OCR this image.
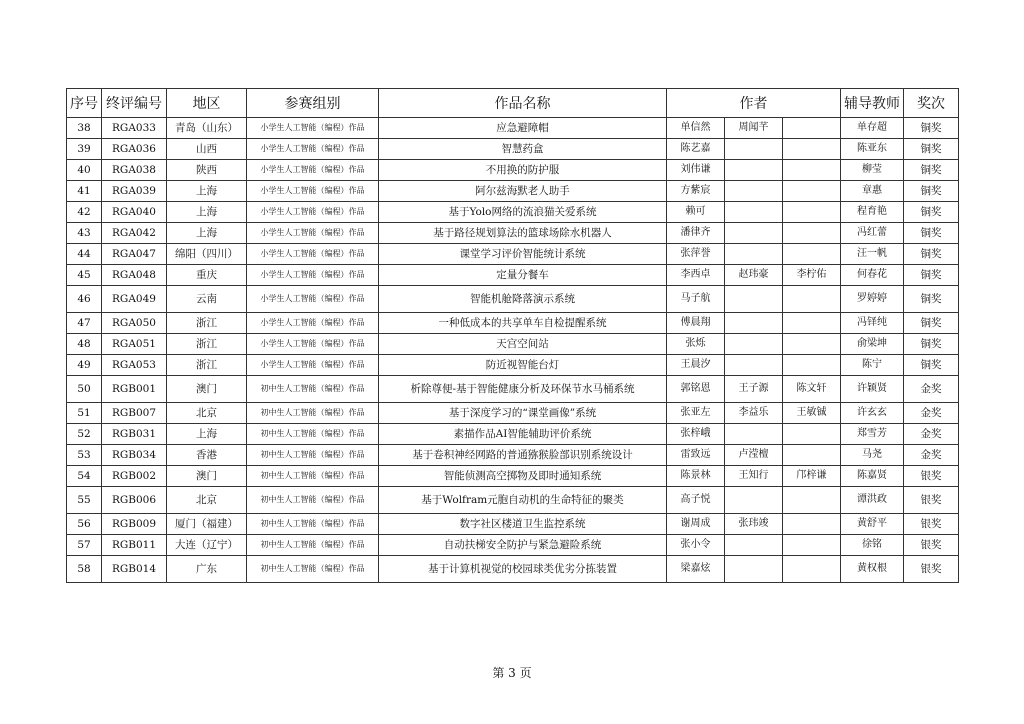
序号	终评编号	地区	参赛组别	作品名称	作者			辅导教师	奖次
38	RGA033	青岛（山东）	小学生人工智能（编程）作品	应急避障帽	单信然	周闻芊		单存超	铜奖
39	RGA036	山西	小学生人工智能（编程）作品	智慧药盒	陈艺嘉			陈亚东	铜奖
40	RGA038	陕西	小学生人工智能（编程）作品	不用换的防护服	刘伟谦			柳莹	铜奖
41	RGA039	上海	小学生人工智能（编程）作品	阿尔兹海默老人助手	方紫宸			章惠	铜奖
42	RGA040	上海	小学生人工智能（编程）作品	基于Yolo网络的流浪猫关爱系统	赖可			程育艳	铜奖
43	RGA042	上海	小学生人工智能（编程）作品	基于路径规划算法的篮球场除水机器人	潘律齐			冯红蕾	铜奖
44	RGA047	绵阳（四川）	小学生人工智能（编程）作品	课堂学习评价智能统计系统	张萍誉			汪一帆	铜奖
45	RGA048	重庆	小学生人工智能（编程）作品	定量分餐车	李西卓	赵玮豪	李柠佑	何春花	铜奖
46	RGA049	云南	小学生人工智能（编程）作品	智能机舱降落演示系统	马子航			罗婷婷	铜奖
47	RGA050	浙江	小学生人工智能（编程）作品	一种低成本的共享单车自检提醒系统	傅晨翔			冯铎纯	铜奖
48	RGA051	浙江	小学生人工智能（编程）作品	天宫空间站	张烁			俞梁坤	铜奖
49	RGA053	浙江	小学生人工智能（编程）作品	防近视智能台灯	王晨汐			陈宁	铜奖
50	RGB001	澳门	初中生人工智能（编程）作品	析除尊便-基于智能健康分析及环保节水马桶系统	郭铭恩	王子源	陈文轩	许颖贤	金奖
51	RGB007	北京	初中生人工智能（编程）作品	基于深度学习的“课堂画像”系统	张亚左	李益乐	王敏铖	许玄玄	金奖
52	RGB031	上海	初中生人工智能（编程）作品	素描作品AI智能辅助评价系统	张梓峨			郑雪芳	金奖
53	RGB034	香港	初中生人工智能（编程）作品	基于卷积神经网路的普通猕猴脸部识别系统设计	雷致远	卢滢檀		马尧	金奖
54	RGB002	澳门	初中生人工智能（编程）作品	智能侦测高空掷物及即时通知系统	陈景林	王知行	邝梓谦	陈嘉贤	银奖
55	RGB006	北京	初中生人工智能（编程）作品	基于Wolfram元胞自动机的生命特征的聚类	高子悦			谭洪政	银奖
56	RGB009	厦门（福建）	初中生人工智能（编程）作品	数字社区楼道卫生监控系统	谢周成	张玮竣		黄舒平	银奖
57	RGB011	大连（辽宁）	初中生人工智能（编程）作品	自动扶梯安全防护与紧急避险系统	张小令			徐铭	银奖
58	RGB014	广东	初中生人工智能（编程）作品	基于计算机视觉的校园球类优劣分拣装置	梁嘉炫			黄权根	银奖
第 3 页
